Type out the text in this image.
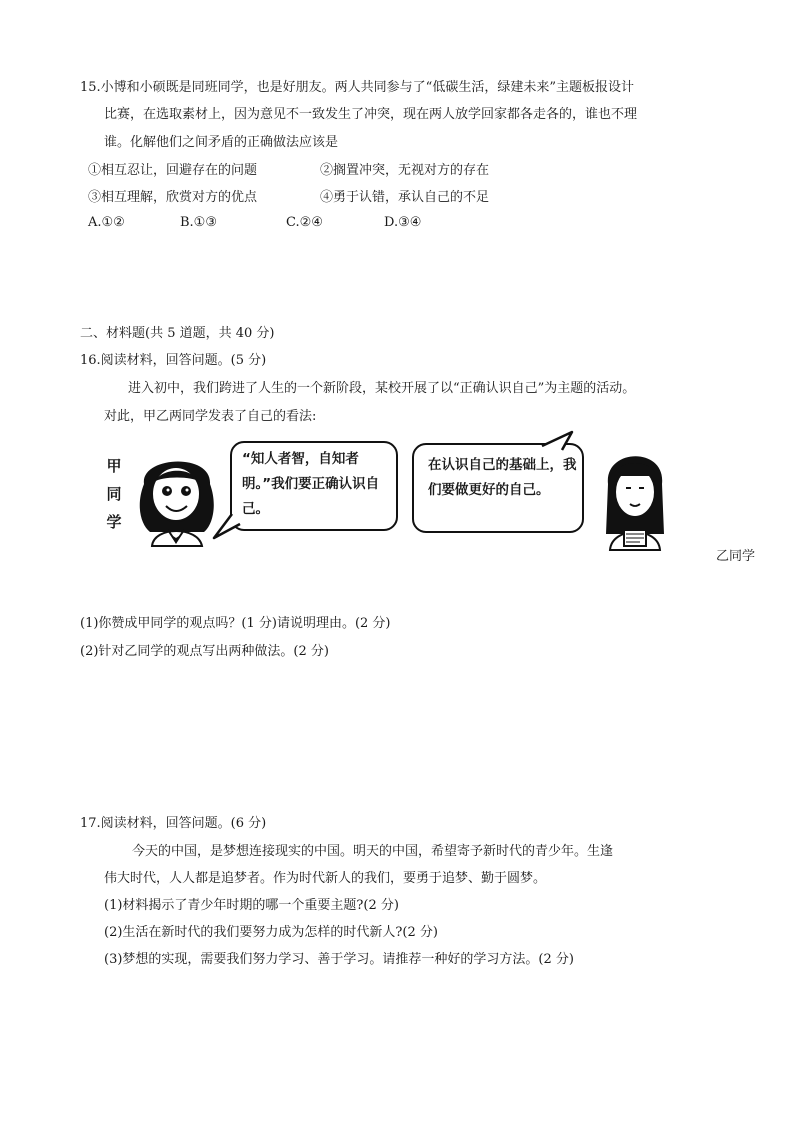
15.小博和小硕既是同班同学，也是好朋友。两人共同参与了“低碳生活，绿建未来”主题板报设计
比赛，在选取素材上，因为意见不一致发生了冲突，现在两人放学回家都各走各的，谁也不理
谁。化解他们之间矛盾的正确做法应该是
①相互忍让，回避存在的问题	②搁置冲突，无视对方的存在
③相互理解，欣赏对方的优点	④勇于认错，承认自己的不足
A.①②	B.①③	C.②④	D.③④
二、材料题(共 5 道题，共 40 分)
16.阅读材料，回答问题。(5 分)
进入初中，我们跨进了人生的一个新阶段，某校开展了以“正确认识自己”为主题的活动。
对此，甲乙两同学发表了自己的看法:
甲
同
学
“知人者智，自知者明。”我们要正确认识自己。
在认识自己的基础上，我们要做更好的自己。
乙同学
(1)你赞成甲同学的观点吗？(1 分)请说明理由。(2 分)
(2)针对乙同学的观点写出两种做法。(2 分)
17.阅读材料，回答问题。(6 分)
今天的中国，是梦想连接现实的中国。明天的中国，希望寄予新时代的青少年。生逢
伟大时代，人人都是追梦者。作为时代新人的我们，要勇于追梦、勤于圆梦。
(1)材料揭示了青少年时期的哪一个重要主题?(2 分)
(2)生活在新时代的我们要努力成为怎样的时代新人?(2 分)
(3)梦想的实现，需要我们努力学习、善于学习。请推荐一种好的学习方法。(2 分)
